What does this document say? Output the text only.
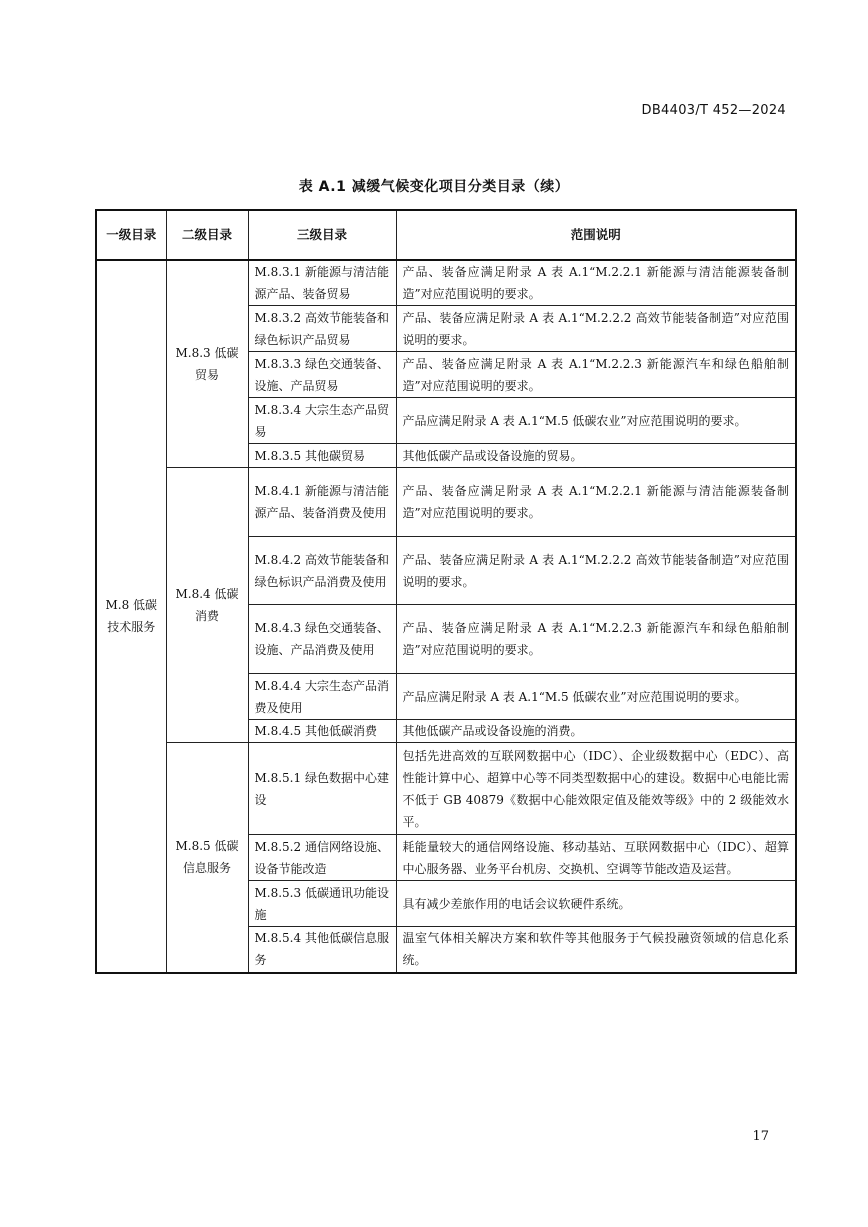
DB4403/T 452—2024
表 A.1 减缓气候变化项目分类目录（续）
一级目录	二级目录	三级目录	范围说明
M.8 低碳技术服务	M.8.3 低碳贸易	M.8.3.1 新能源与清洁能源产品、装备贸易	产品、装备应满足附录 A 表 A.1“M.2.2.1 新能源与清洁能源装备制造”对应范围说明的要求。
		M.8.3.2 高效节能装备和绿色标识产品贸易	产品、装备应满足附录 A 表 A.1“M.2.2.2 高效节能装备制造”对应范围说明的要求。
		M.8.3.3 绿色交通装备、设施、产品贸易	产品、装备应满足附录 A 表 A.1“M.2.2.3 新能源汽车和绿色船舶制造”对应范围说明的要求。
		M.8.3.4 大宗生态产品贸易	产品应满足附录 A 表 A.1“M.5 低碳农业”对应范围说明的要求。
		M.8.3.5 其他碳贸易	其他低碳产品或设备设施的贸易。
	M.8.4 低碳消费	M.8.4.1 新能源与清洁能源产品、装备消费及使用	产品、装备应满足附录 A 表 A.1“M.2.2.1 新能源与清洁能源装备制造”对应范围说明的要求。
		M.8.4.2 高效节能装备和绿色标识产品消费及使用	产品、装备应满足附录 A 表 A.1“M.2.2.2 高效节能装备制造”对应范围说明的要求。
		M.8.4.3 绿色交通装备、设施、产品消费及使用	产品、装备应满足附录 A 表 A.1“M.2.2.3 新能源汽车和绿色船舶制造”对应范围说明的要求。
		M.8.4.4 大宗生态产品消费及使用	产品应满足附录 A 表 A.1“M.5 低碳农业”对应范围说明的要求。
		M.8.4.5 其他低碳消费	其他低碳产品或设备设施的消费。
	M.8.5 低碳信息服务	M.8.5.1 绿色数据中心建设	包括先进高效的互联网数据中心（IDC）、企业级数据中心（EDC）、高性能计算中心、超算中心等不同类型数据中心的建设。数据中心电能比需不低于 GB 40879《数据中心能效限定值及能效等级》中的 2 级能效水平。
		M.8.5.2 通信网络设施、设备节能改造	耗能量较大的通信网络设施、移动基站、互联网数据中心（IDC）、超算中心服务器、业务平台机房、交换机、空调等节能改造及运营。
		M.8.5.3 低碳通讯功能设施	具有减少差旅作用的电话会议软硬件系统。
		M.8.5.4 其他低碳信息服务	温室气体相关解决方案和软件等其他服务于气候投融资领域的信息化系统。
17
